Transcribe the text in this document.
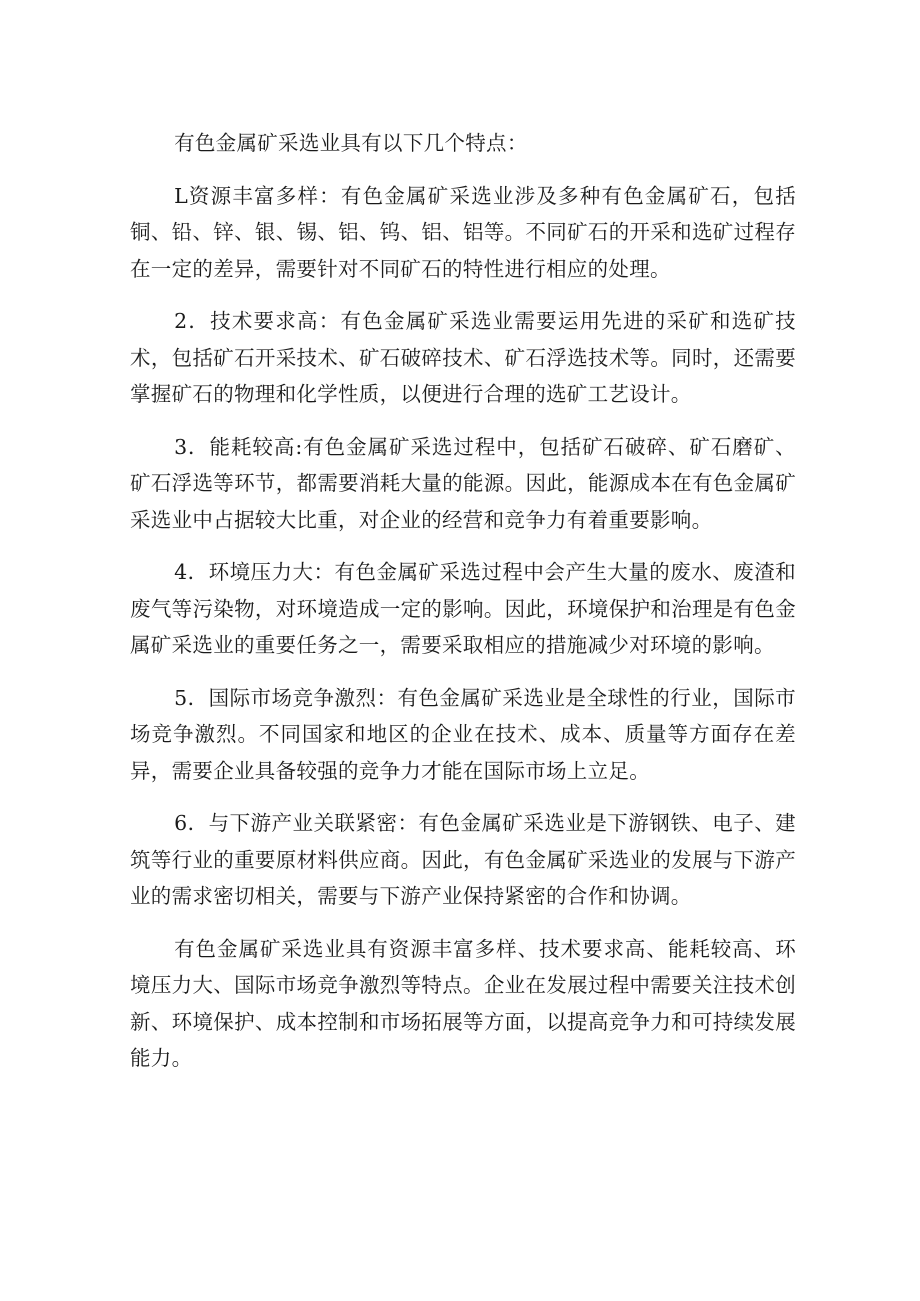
有色金属矿采选业具有以下几个特点：

L资源丰富多样：有色金属矿采选业涉及多种有色金属矿石，包括铜、铅、锌、银、锡、铝、钨、铝、铝等。不同矿石的开采和选矿过程存在一定的差异，需要针对不同矿石的特性进行相应的处理。

2．技术要求高：有色金属矿采选业需要运用先进的采矿和选矿技术，包括矿石开采技术、矿石破碎技术、矿石浮选技术等。同时，还需要掌握矿石的物理和化学性质，以便进行合理的选矿工艺设计。

3．能耗较高:有色金属矿采选过程中，包括矿石破碎、矿石磨矿、矿石浮选等环节，都需要消耗大量的能源。因此，能源成本在有色金属矿采选业中占据较大比重，对企业的经营和竞争力有着重要影响。

4．环境压力大：有色金属矿采选过程中会产生大量的废水、废渣和废气等污染物，对环境造成一定的影响。因此，环境保护和治理是有色金属矿采选业的重要任务之一，需要采取相应的措施减少对环境的影响。

5．国际市场竞争激烈：有色金属矿采选业是全球性的行业，国际市场竞争激烈。不同国家和地区的企业在技术、成本、质量等方面存在差异，需要企业具备较强的竞争力才能在国际市场上立足。

6．与下游产业关联紧密：有色金属矿采选业是下游钢铁、电子、建筑等行业的重要原材料供应商。因此，有色金属矿采选业的发展与下游产业的需求密切相关，需要与下游产业保持紧密的合作和协调。

有色金属矿采选业具有资源丰富多样、技术要求高、能耗较高、环境压力大、国际市场竞争激烈等特点。企业在发展过程中需要关注技术创新、环境保护、成本控制和市场拓展等方面，以提高竞争力和可持续发展能力。
